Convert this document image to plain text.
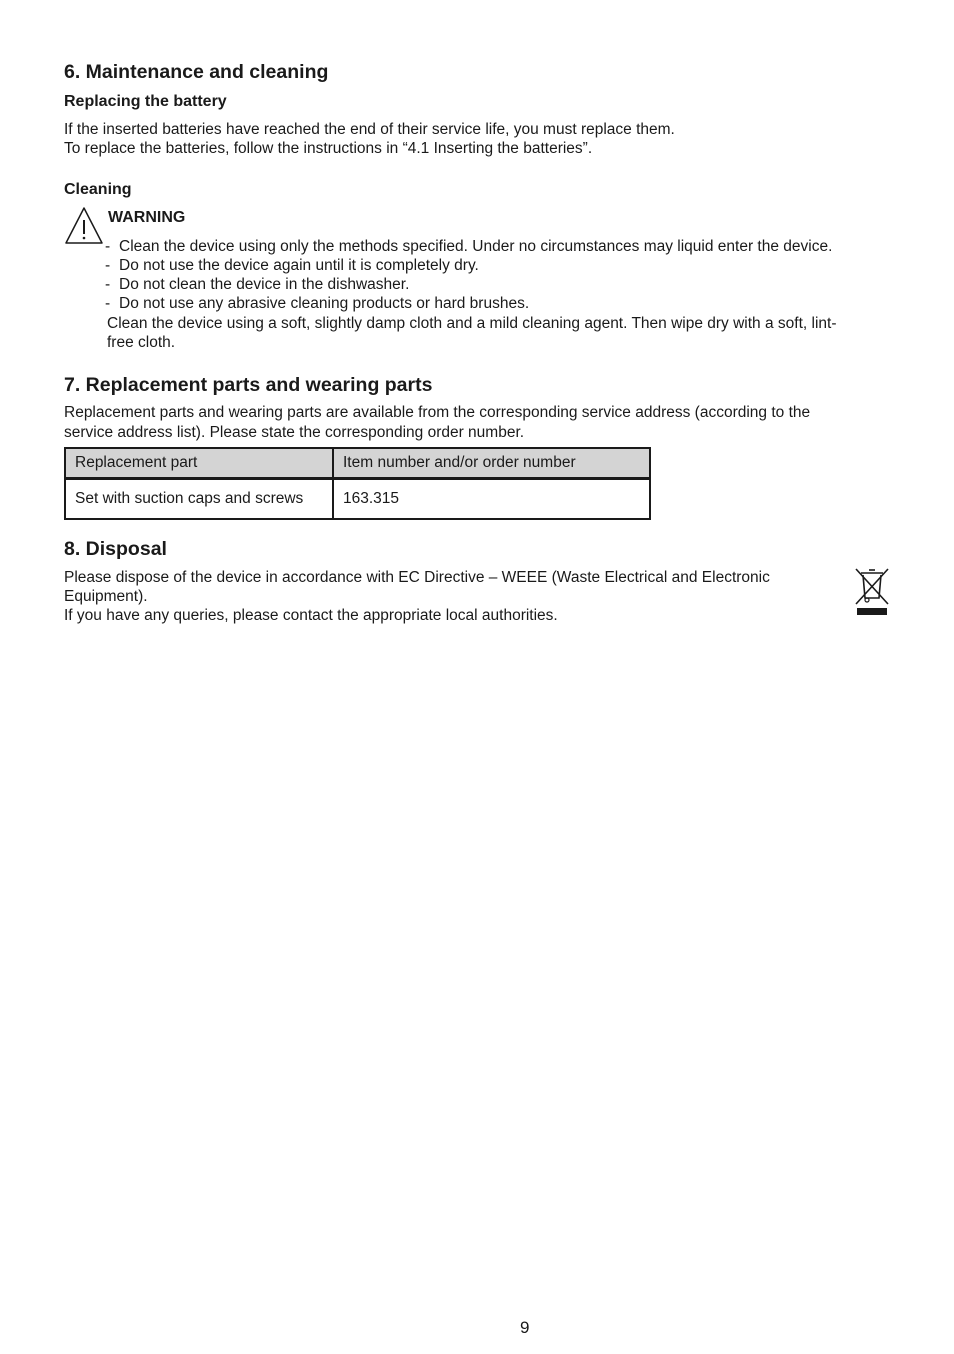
6. Maintenance and cleaning
Replacing the battery
If the inserted batteries have reached the end of their service life, you must replace them.
To replace the batteries, follow the instructions in “4.1 Inserting the batteries”.
Cleaning
WARNING
- Clean the device using only the methods specified. Under no circumstances may liquid enter the device.
- Do not use the device again until it is completely dry.
- Do not clean the device in the dishwasher.
- Do not use any abrasive cleaning products or hard brushes.
Clean the device using a soft, slightly damp cloth and a mild cleaning agent. Then wipe dry with a soft, lint-
free cloth.
7. Replacement parts and wearing parts
Replacement parts and wearing parts are available from the corresponding service address (according to the
service address list). Please state the corresponding order number.
Replacement part	Item number and/or order number
Set with suction caps and screws	163.315
8. Disposal
Please dispose of the device in accordance with EC Directive – WEEE (Waste Electrical and Electronic
Equipment).
If you have any queries, please contact the appropriate local authorities.
9
